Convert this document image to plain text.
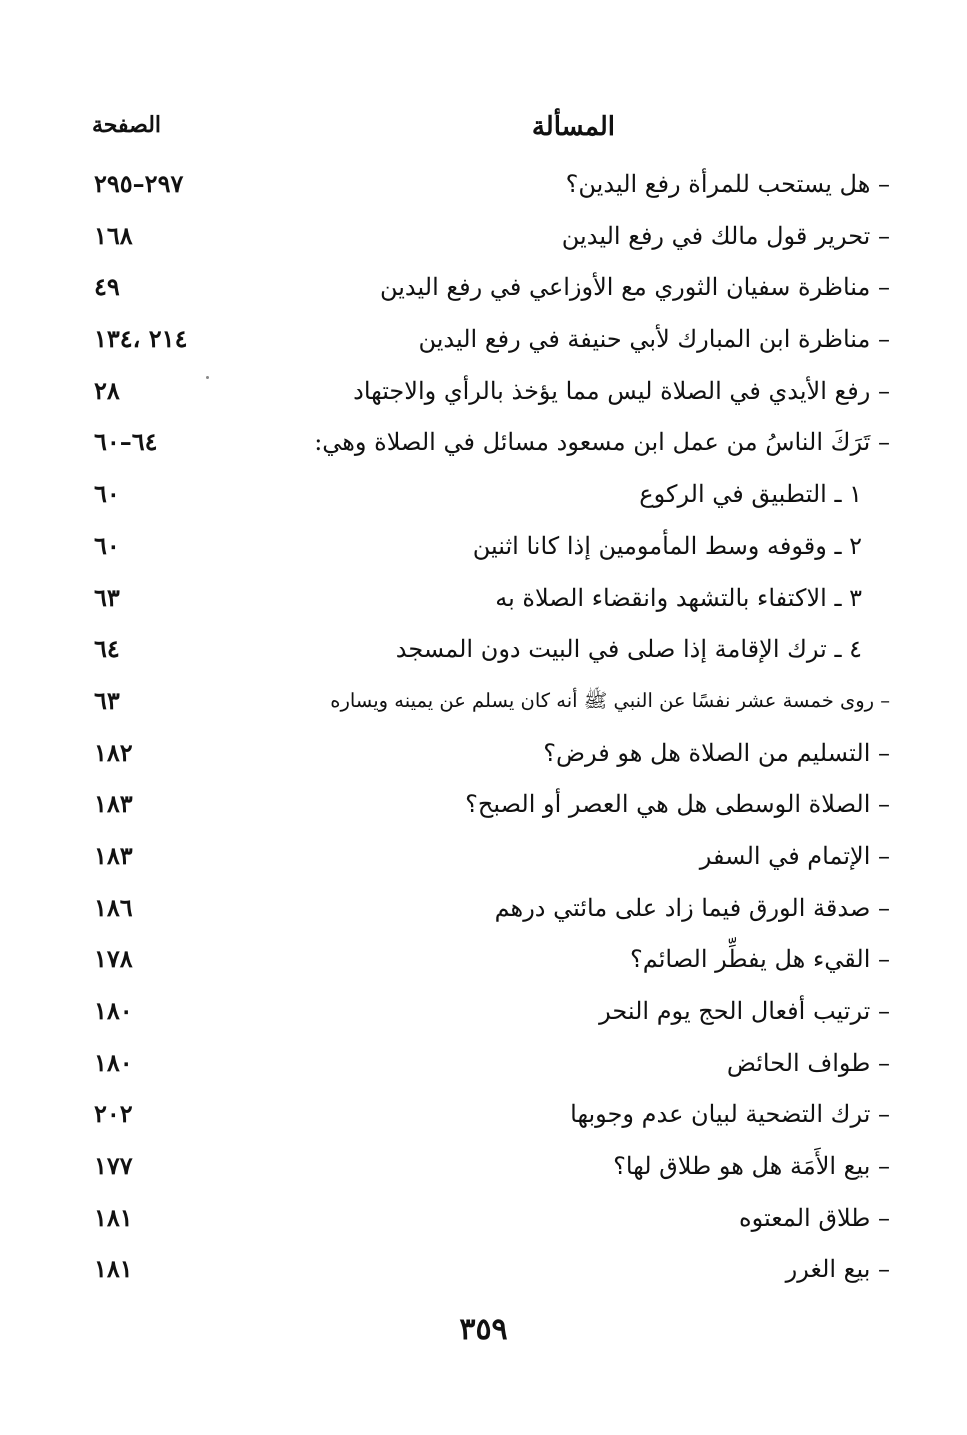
المسألة
الصفحة
– هل يستحب للمرأة رفع اليدين؟
٢٩٧–٢٩٥
– تحرير قول مالك في رفع اليدين
١٦٨
– مناظرة سفيان الثوري مع الأوزاعي في رفع اليدين
٤٩
– مناظرة ابن المبارك لأبي حنيفة في رفع اليدين
٢١٤ ،١٣٤
– رفع الأيدي في الصلاة ليس مما يؤخذ بالرأي والاجتهاد
٢٨
– تَرَكَ الناسُ من عمل ابن مسعود مسائل في الصلاة وهي:
٦٤–٦٠
١ ـ التطبيق في الركوع
٦٠
٢ ـ وقوفه وسط المأمومين إذا كانا اثنين
٦٠
٣ ـ الاكتفاء بالتشهد وانقضاء الصلاة به
٦٣
٤ ـ ترك الإقامة إذا صلى في البيت دون المسجد
٦٤
– روى خمسة عشر نفسًا عن النبي ﷺ أنه كان يسلم عن يمينه ويساره
٦٣
– التسليم من الصلاة هل هو فرض؟
١٨٢
– الصلاة الوسطى هل هي العصر أو الصبح؟
١٨٣
– الإتمام في السفر
١٨٣
– صدقة الورق فيما زاد على مائتي درهم
١٨٦
– القيء هل يفطِّر الصائم؟
١٧٨
– ترتيب أفعال الحج يوم النحر
١٨٠
– طواف الحائض
١٨٠
– ترك التضحية لبيان عدم وجوبها
٢٠٢
– بيع الأَمَة هل هو طلاق لها؟
١٧٧
– طلاق المعتوه
١٨١
– بيع الغرر
١٨١
٣٥٩
